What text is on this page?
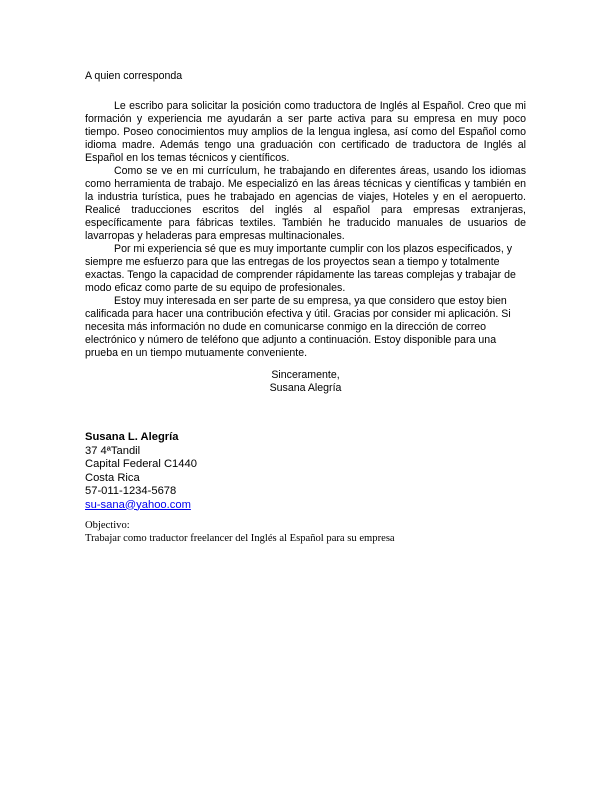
A quien corresponda

Le escribo para solicitar la posición como traductora de Inglés al Español. Creo que mi formación y experiencia me ayudarán a ser parte activa para su empresa en muy poco tiempo. Poseo conocimientos muy amplios de la lengua inglesa, así como del Español como idioma madre. Además tengo una graduación con certificado de traductora de Inglés al Español en los temas técnicos y científicos.

Como se ve en mi currículum, he trabajando en diferentes áreas, usando los idiomas como herramienta de trabajo. Me especializó en las áreas técnicas y científicas y también en la industria turística, pues he trabajado en agencias de viajes, Hoteles y en el aeropuerto. Realicé traducciones escritos del inglés al español para empresas extranjeras, específicamente para fábricas textiles. También he traducido manuales de usuarios de lavarropas y heladeras para empresas multinacionales.

Por mi experiencia sé que es muy importante cumplir con los plazos especificados, y siempre me esfuerzo para que las entregas de los proyectos sean a tiempo y totalmente exactas. Tengo la capacidad de comprender rápidamente las tareas complejas y trabajar de modo eficaz como parte de su equipo de profesionales.

Estoy muy interesada en ser parte de su empresa, ya que considero que estoy bien calificada para hacer una contribución efectiva y útil. Gracias por consider mi aplicación. Si necesita más información no dude en comunicarse conmigo en la dirección de correo electrónico y número de teléfono que adjunto a continuación. Estoy disponible para una prueba en un tiempo mutuamente conveniente.

Sinceramente,
Susana Alegría
Susana L. Alegría
37 4ªTandil
Capital Federal C1440
Costa Rica
57-011-1234-5678
su-sana@yahoo.com
Objectivo:
Trabajar como traductor freelancer del Inglés al Español para su empresa
